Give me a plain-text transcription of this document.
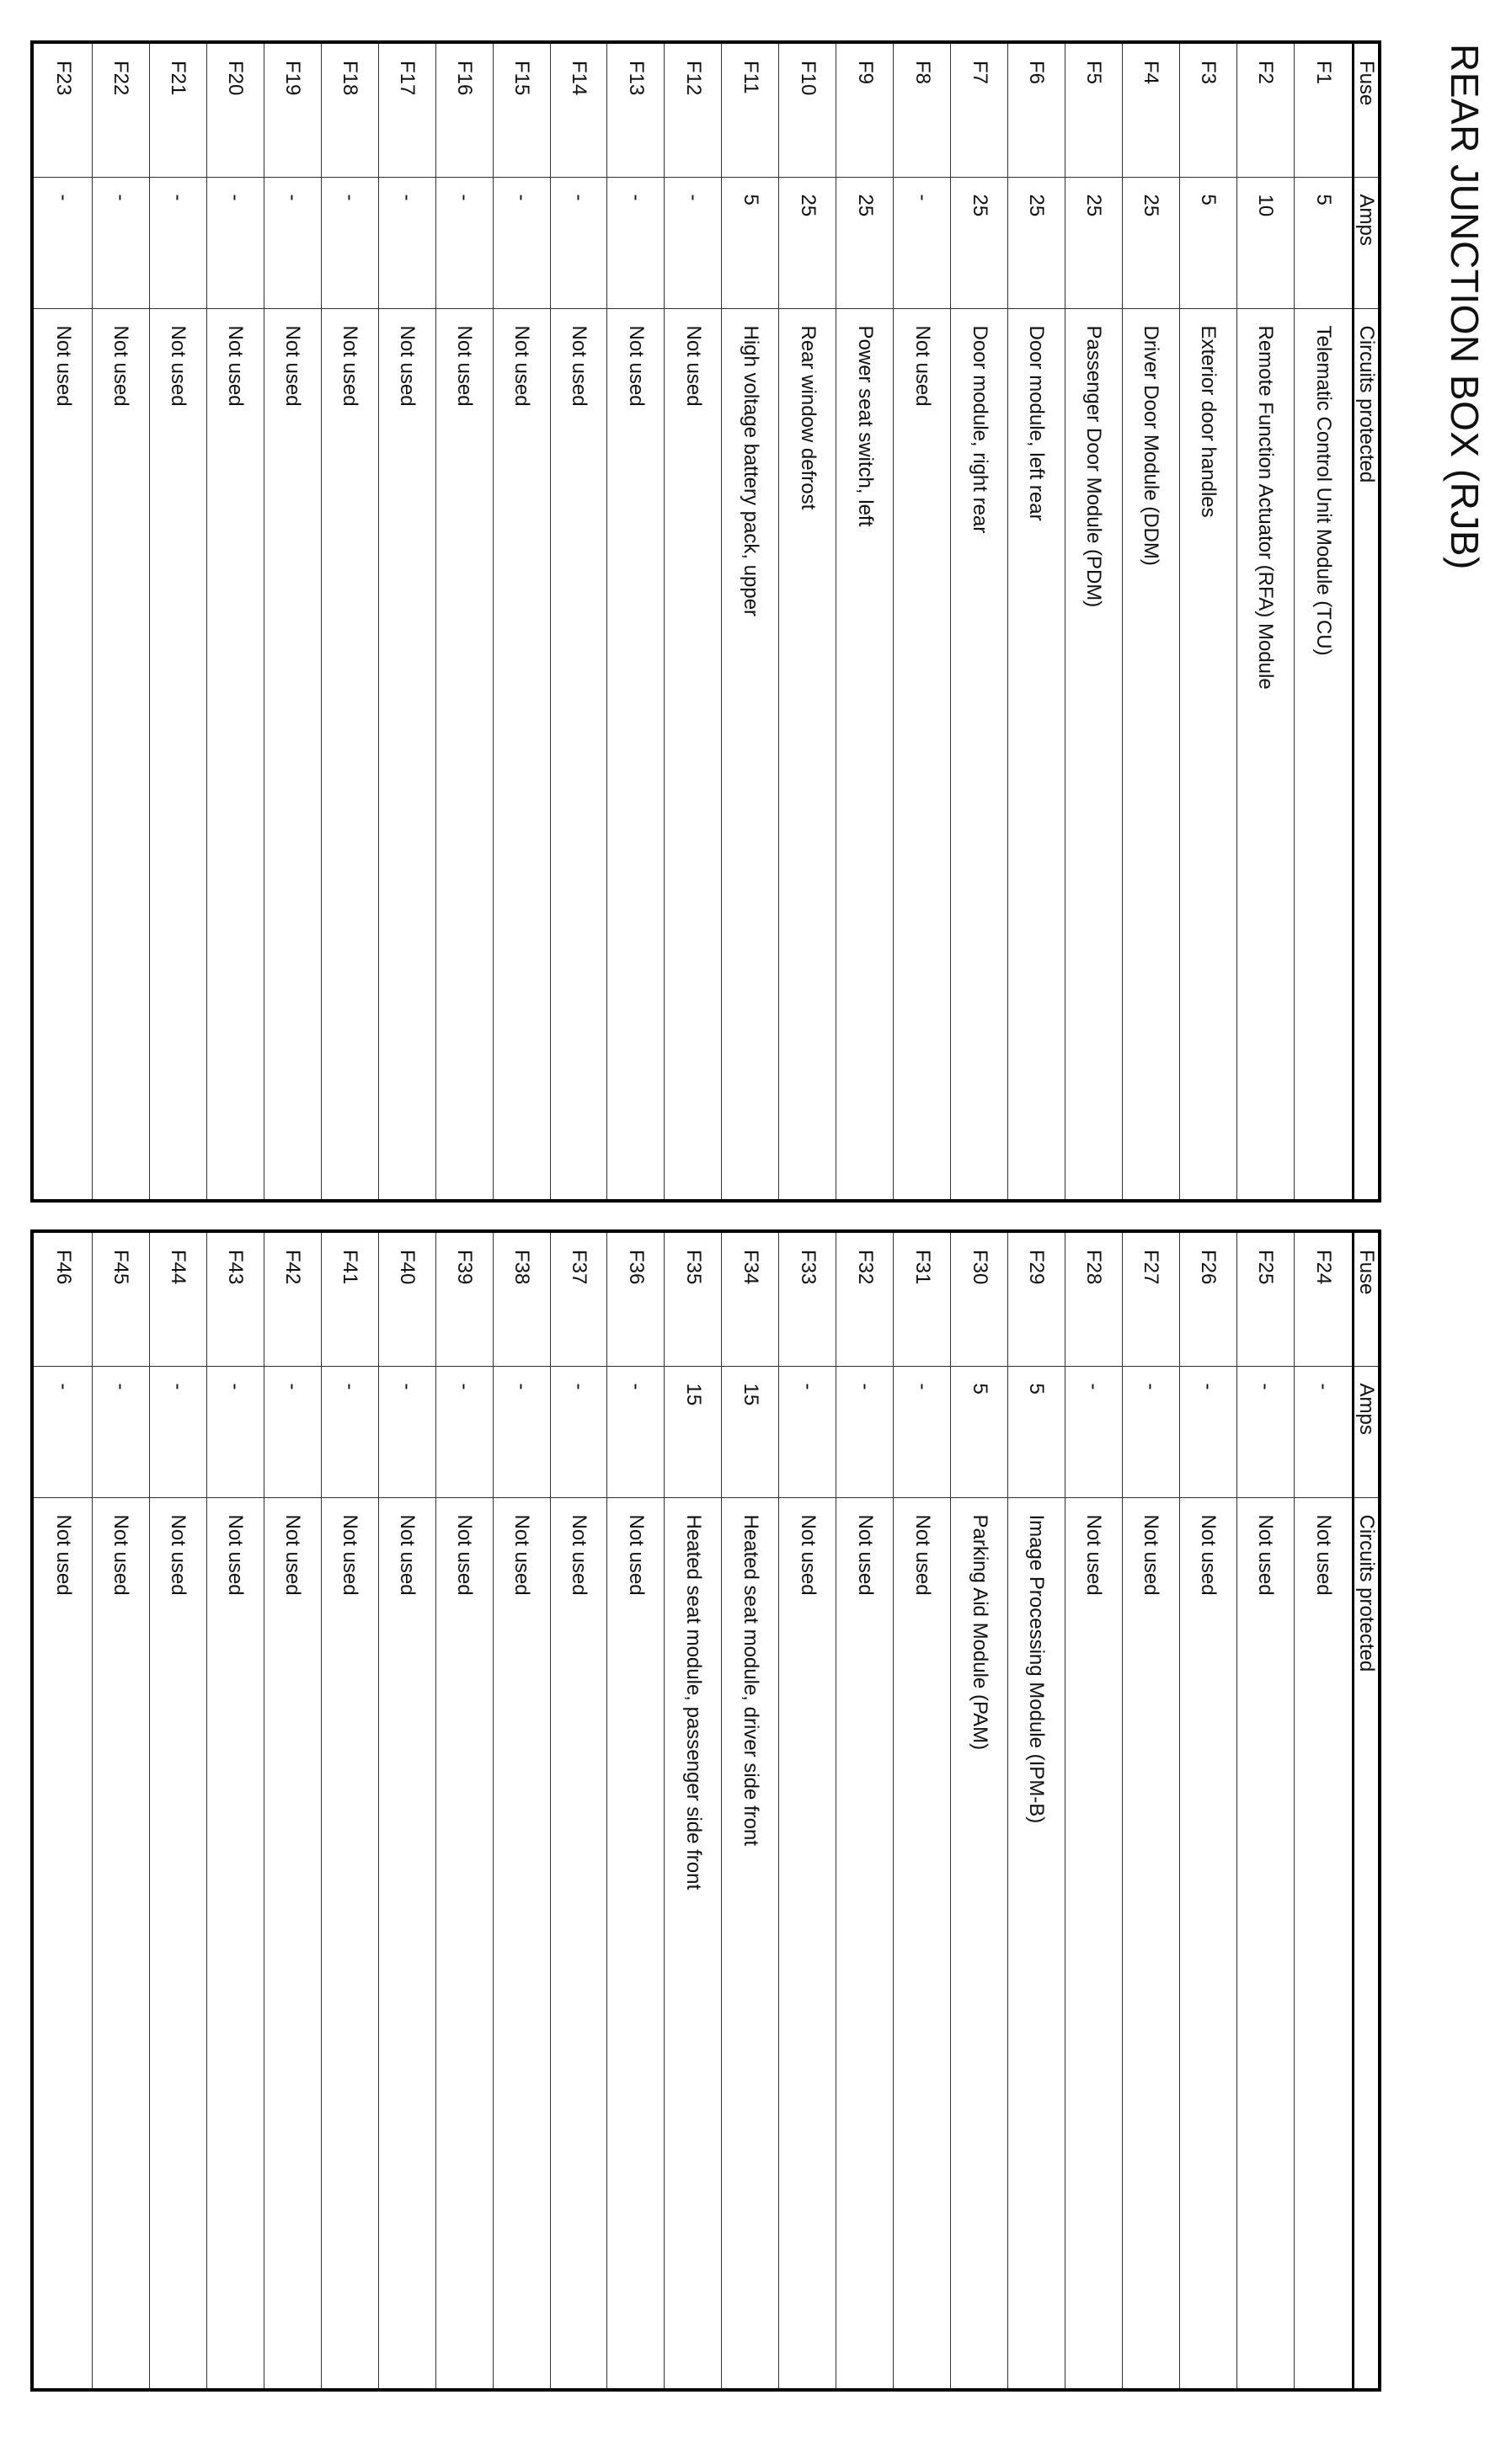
REAR JUNCTION BOX (RJB)
Fuse	Amps	Circuits protected
F1	5	Telematic Control Unit Module (TCU)
F2	10	Remote Function Actuator (RFA) Module
F3	5	Exterior door handles
F4	25	Driver Door Module (DDM)
F5	25	Passenger Door Module (PDM)
F6	25	Door module, left rear
F7	25	Door module, right rear
F8	-	Not used
F9	25	Power seat switch, left
F10	25	Rear window defrost
F11	5	High voltage battery pack, upper
F12	-	Not used
F13	-	Not used
F14	-	Not used
F15	-	Not used
F16	-	Not used
F17	-	Not used
F18	-	Not used
F19	-	Not used
F20	-	Not used
F21	-	Not used
F22	-	Not used
F23	-	Not used
Fuse	Amps	Circuits protected
F24	-	Not used
F25	-	Not used
F26	-	Not used
F27	-	Not used
F28	-	Not used
F29	5	Image Processing Module (IPM-B)
F30	5	Parking Aid Module (PAM)
F31	-	Not used
F32	-	Not used
F33	-	Not used
F34	15	Heated seat module, driver side front
F35	15	Heated seat module, passenger side front
F36	-	Not used
F37	-	Not used
F38	-	Not used
F39	-	Not used
F40	-	Not used
F41	-	Not used
F42	-	Not used
F43	-	Not used
F44	-	Not used
F45	-	Not used
F46	-	Not used
